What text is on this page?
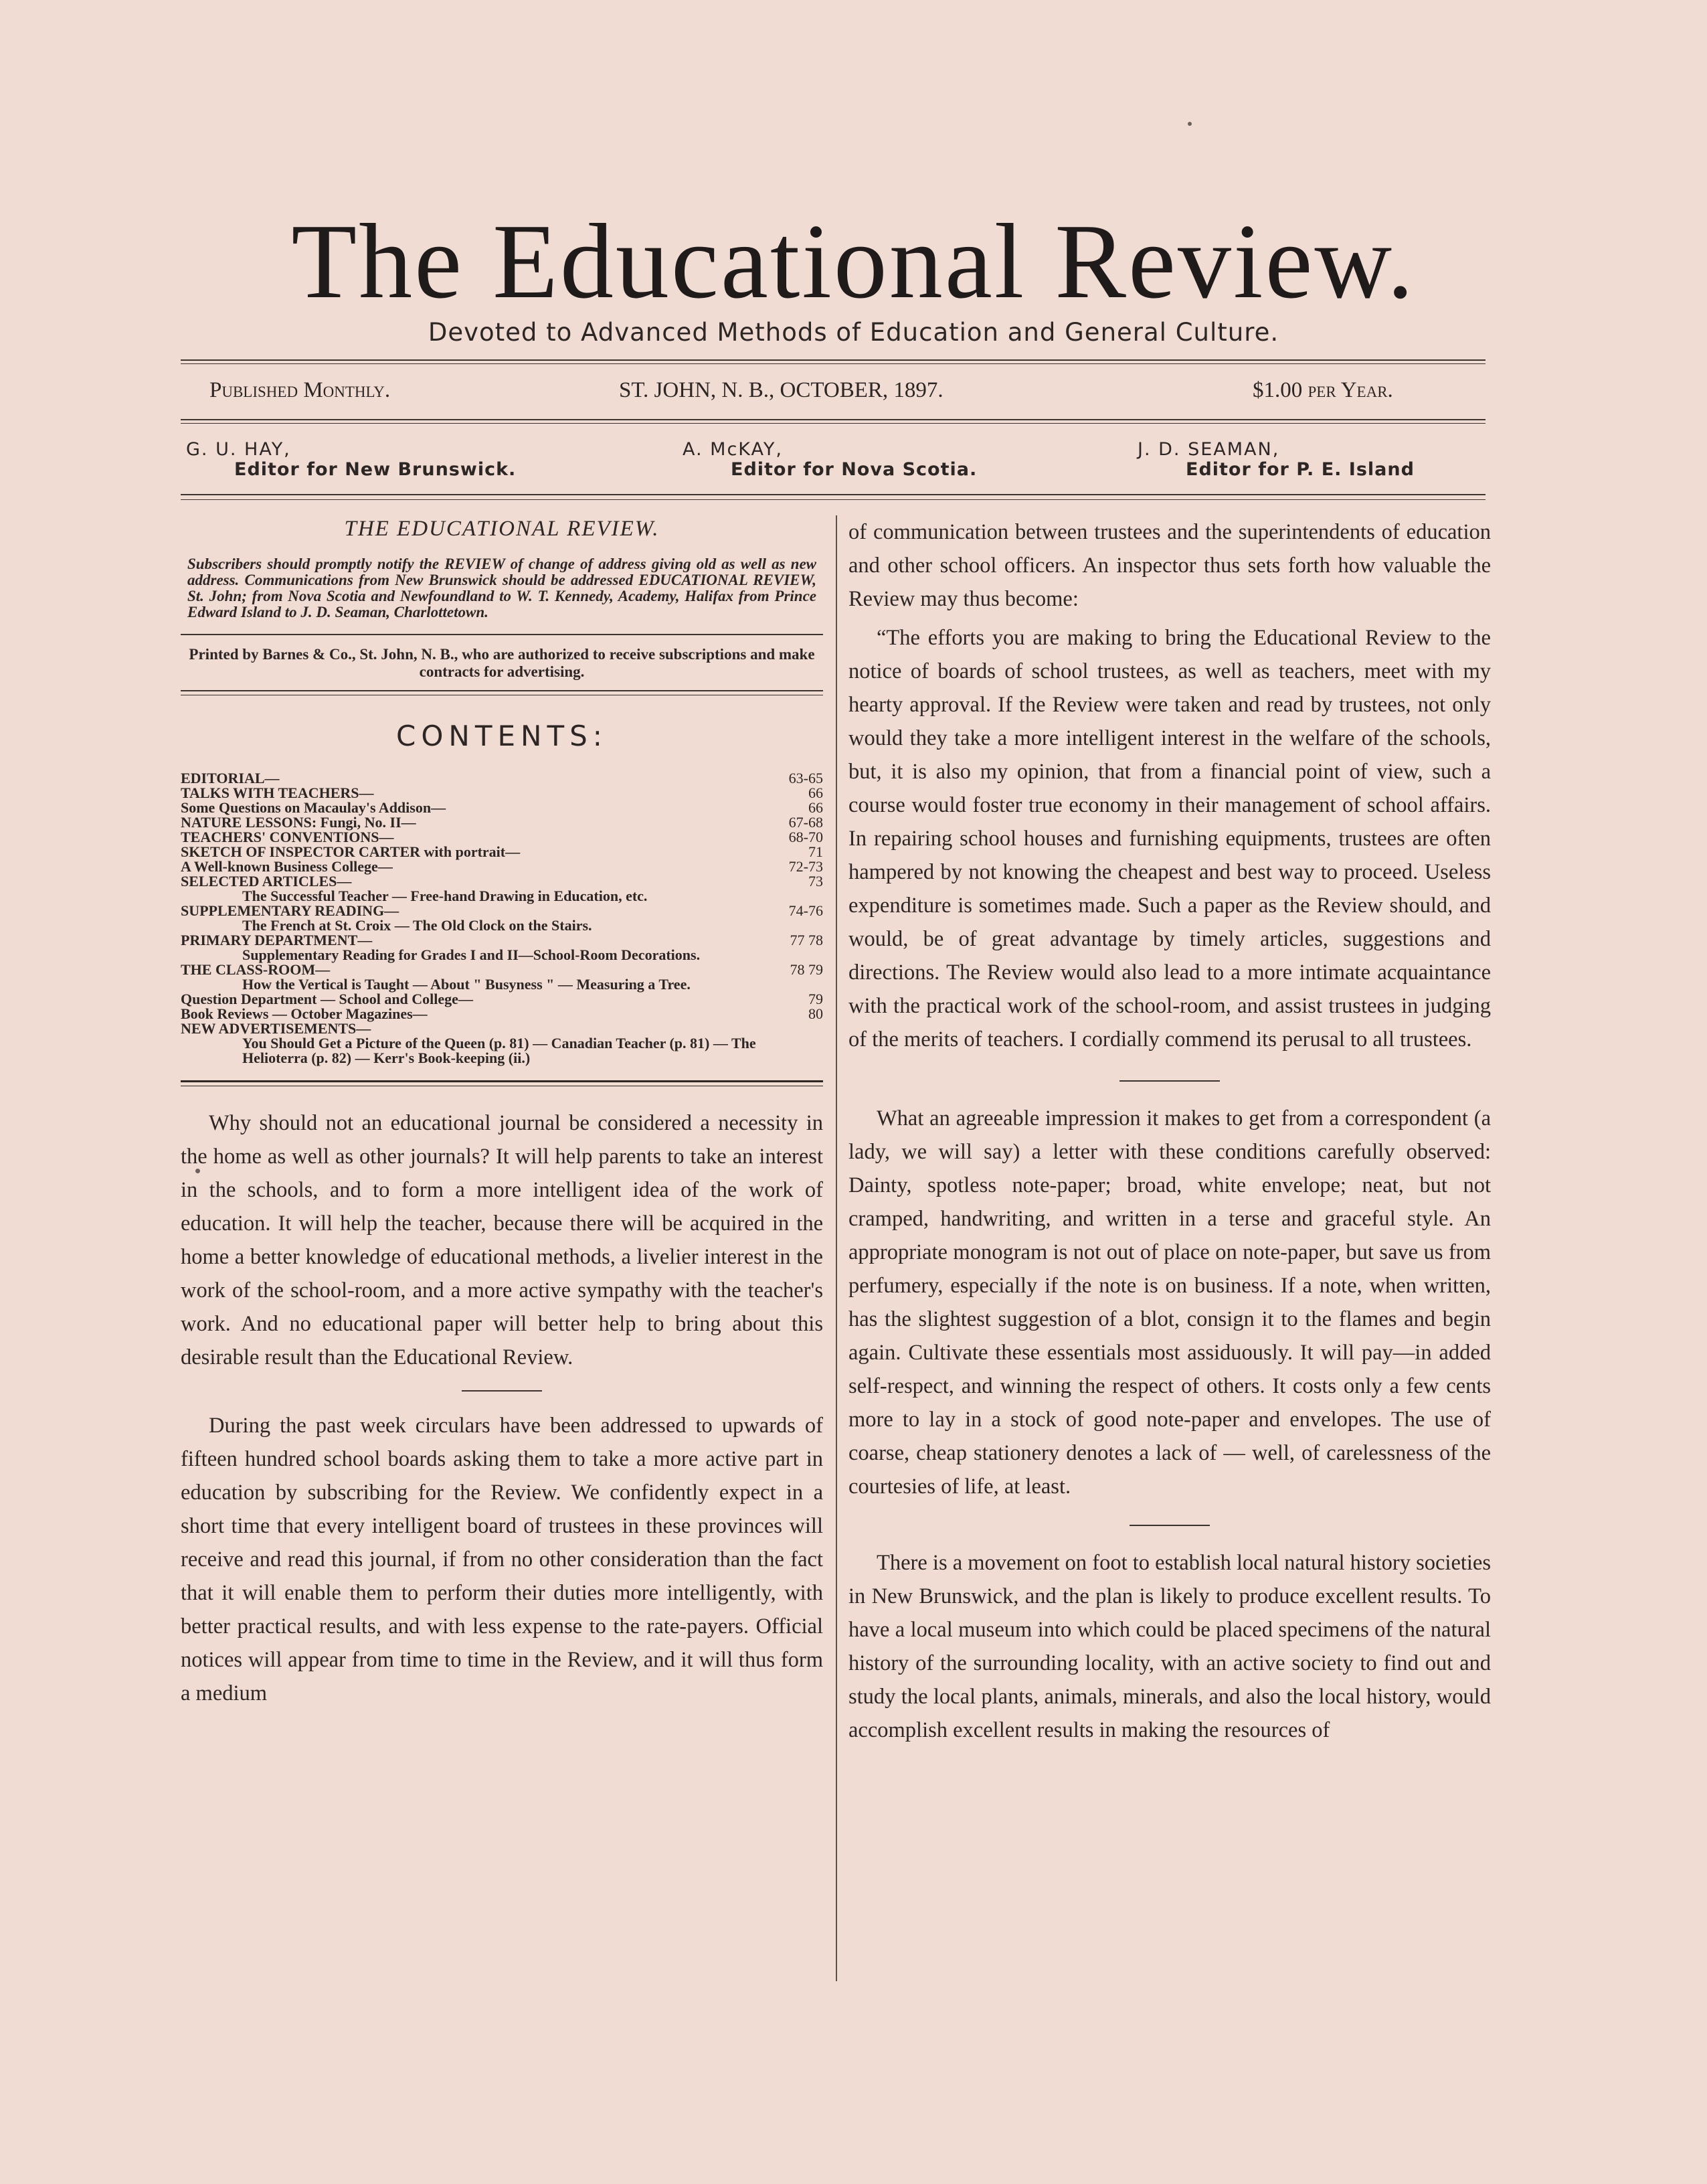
The Educational Review.
Devoted to Advanced Methods of Education and General Culture.
Published Monthly.	ST. JOHN, N. B., OCTOBER, 1897.	$1.00 per Year.
G. U. HAY,
Editor for New Brunswick.
A. McKAY,
Editor for Nova Scotia.
J. D. SEAMAN,
Editor for P. E. Island
THE EDUCATIONAL REVIEW.
Subscribers should promptly notify the REVIEW of change of address giving old as well as new address. Communications from New Brunswick should be addressed EDUCATIONAL REVIEW, St. John; from Nova Scotia and Newfoundland to W. T. Kennedy, Academy, Halifax from Prince Edward Island to J. D. Seaman, Charlottetown.
Printed by Barnes & Co., St. John, N. B., who are authorized to receive subscriptions and make contracts for advertising.
CONTENTS:
EDITORIAL—	63-65
TALKS WITH TEACHERS—	66
Some Questions on Macaulay's Addison—	66
NATURE LESSONS: Fungi, No. II—	67-68
TEACHERS' CONVENTIONS—	68-70
SKETCH OF INSPECTOR CARTER with portrait—	71
A Well-known Business College—	72-73
SELECTED ARTICLES—	73
The Successful Teacher — Free-hand Drawing in Education, etc.
SUPPLEMENTARY READING—	74-76
The French at St. Croix — The Old Clock on the Stairs.
PRIMARY DEPARTMENT—	77 78
Supplementary Reading for Grades I and II—School-Room Decorations.
THE CLASS-ROOM—	78 79
How the Vertical is Taught — About " Busyness " — Measuring a Tree.
Question Department — School and College—	79
Book Reviews — October Magazines—	80
NEW ADVERTISEMENTS—
You Should Get a Picture of the Queen (p. 81) — Canadian Teacher (p. 81) — The Helioterra (p. 82) — Kerr's Book-keeping (ii.)

Why should not an educational journal be considered a necessity in the home as well as other journals? It will help parents to take an interest in the schools, and to form a more intelligent idea of the work of education. It will help the teacher, because there will be acquired in the home a better knowledge of educational methods, a livelier interest in the work of the school-room, and a more active sympathy with the teacher's work. And no educational paper will better help to bring about this desirable result than the Educational Review.

During the past week circulars have been addressed to upwards of fifteen hundred school boards asking them to take a more active part in education by subscribing for the Review. We confidently expect in a short time that every intelligent board of trustees in these provinces will receive and read this journal, if from no other consideration than the fact that it will enable them to perform their duties more intelligently, with better practical results, and with less expense to the rate-payers. Official notices will appear from time to time in the Review, and it will thus form a medium

of communication between trustees and the superintendents of education and other school officers. An inspector thus sets forth how valuable the Review may thus become:

“The efforts you are making to bring the Educational Review to the notice of boards of school trustees, as well as teachers, meet with my hearty approval. If the Review were taken and read by trustees, not only would they take a more intelligent interest in the welfare of the schools, but, it is also my opinion, that from a financial point of view, such a course would foster true economy in their management of school affairs. In repairing school houses and furnishing equipments, trustees are often hampered by not knowing the cheapest and best way to proceed. Useless expenditure is sometimes made. Such a paper as the Review should, and would, be of great advantage by timely articles, suggestions and directions. The Review would also lead to a more intimate acquaintance with the practical work of the school-room, and assist trustees in judging of the merits of teachers. I cordially commend its perusal to all trustees.

What an agreeable impression it makes to get from a correspondent (a lady, we will say) a letter with these conditions carefully observed: Dainty, spotless note-paper; broad, white envelope; neat, but not cramped, handwriting, and written in a terse and graceful style. An appropriate monogram is not out of place on note-paper, but save us from perfumery, especially if the note is on business. If a note, when written, has the slightest suggestion of a blot, consign it to the flames and begin again. Cultivate these essentials most assiduously. It will pay—in added self-respect, and winning the respect of others. It costs only a few cents more to lay in a stock of good note-paper and envelopes. The use of coarse, cheap stationery denotes a lack of — well, of carelessness of the courtesies of life, at least.

There is a movement on foot to establish local natural history societies in New Brunswick, and the plan is likely to produce excellent results. To have a local museum into which could be placed specimens of the natural history of the surrounding locality, with an active society to find out and study the local plants, animals, minerals, and also the local history, would accomplish excellent results in making the resources of
